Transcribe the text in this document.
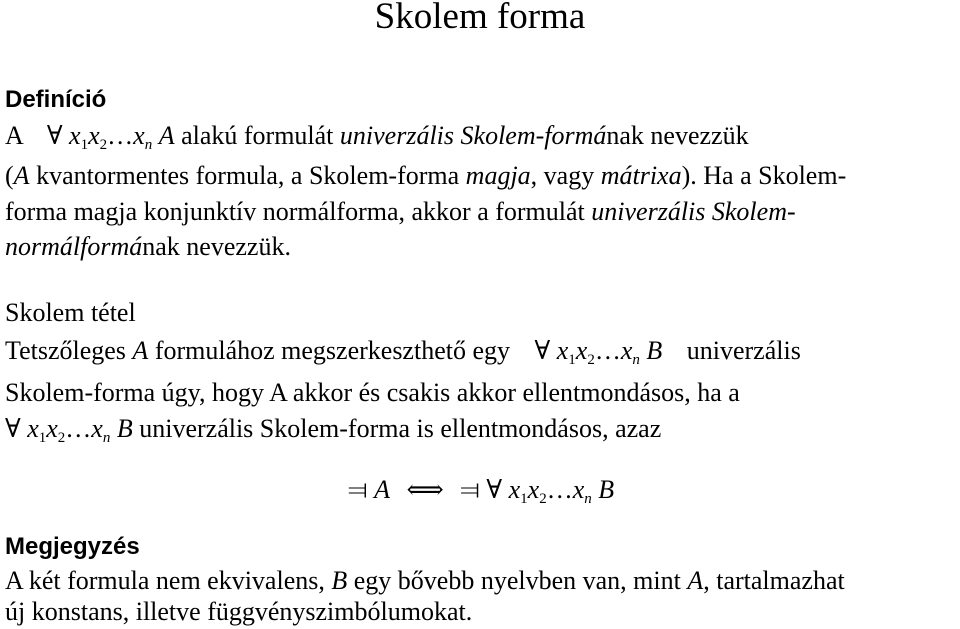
Skolem forma
Definíció
A ∀ $x_1x_2\dots x_n$ A alakú formulát univerzális Skolem-formának nevezzük
(A kvantormentes formula, a Skolem-forma magja, vagy mátrixa). Ha a Skolem-
forma magja konjunktív normálforma, akkor a formulát univerzális Skolem-
normálformának nevezzük.
Skolem tétel
Tetszőleges A formulához megszerkeszthető egy ∀ $x_1x_2\dots x_n$ B univerzális
Skolem-forma úgy, hogy A akkor és csakis akkor ellentmondásos, ha a
∀ $x_1x_2\dots x_n$ B univerzális Skolem-forma is ellentmondásos, azaz
⫤ A ⟺ ⫤ ∀ $x_1x_2\dots x_n$ B
Megjegyzés
A két formula nem ekvivalens, B egy bővebb nyelvben van, mint A, tartalmazhat
új konstans, illetve függvényszimbólumokat.
